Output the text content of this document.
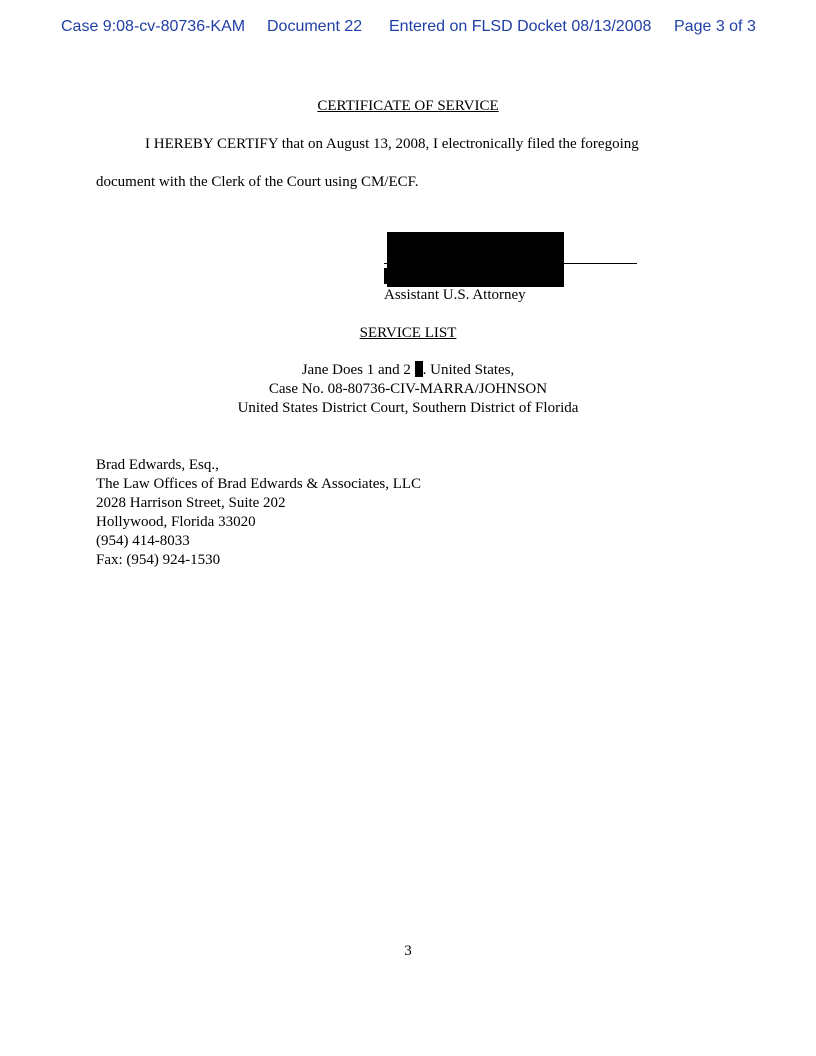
Case 9:08-cv-80736-KAM Document 22 Entered on FLSD Docket 08/13/2008 Page 3 of 3
CERTIFICATE OF SERVICE
I HEREBY CERTIFY that on August 13, 2008, I electronically filed the foregoing
document with the Clerk of the Court using CM/ECF.
Assistant U.S. Attorney
SERVICE LIST
Jane Does 1 and 2 . United States,
Case No. 08-80736-CIV-MARRA/JOHNSON
United States District Court, Southern District of Florida
Brad Edwards, Esq.,
The Law Offices of Brad Edwards & Associates, LLC
2028 Harrison Street, Suite 202
Hollywood, Florida 33020
(954) 414-8033
Fax: (954) 924-1530
3
